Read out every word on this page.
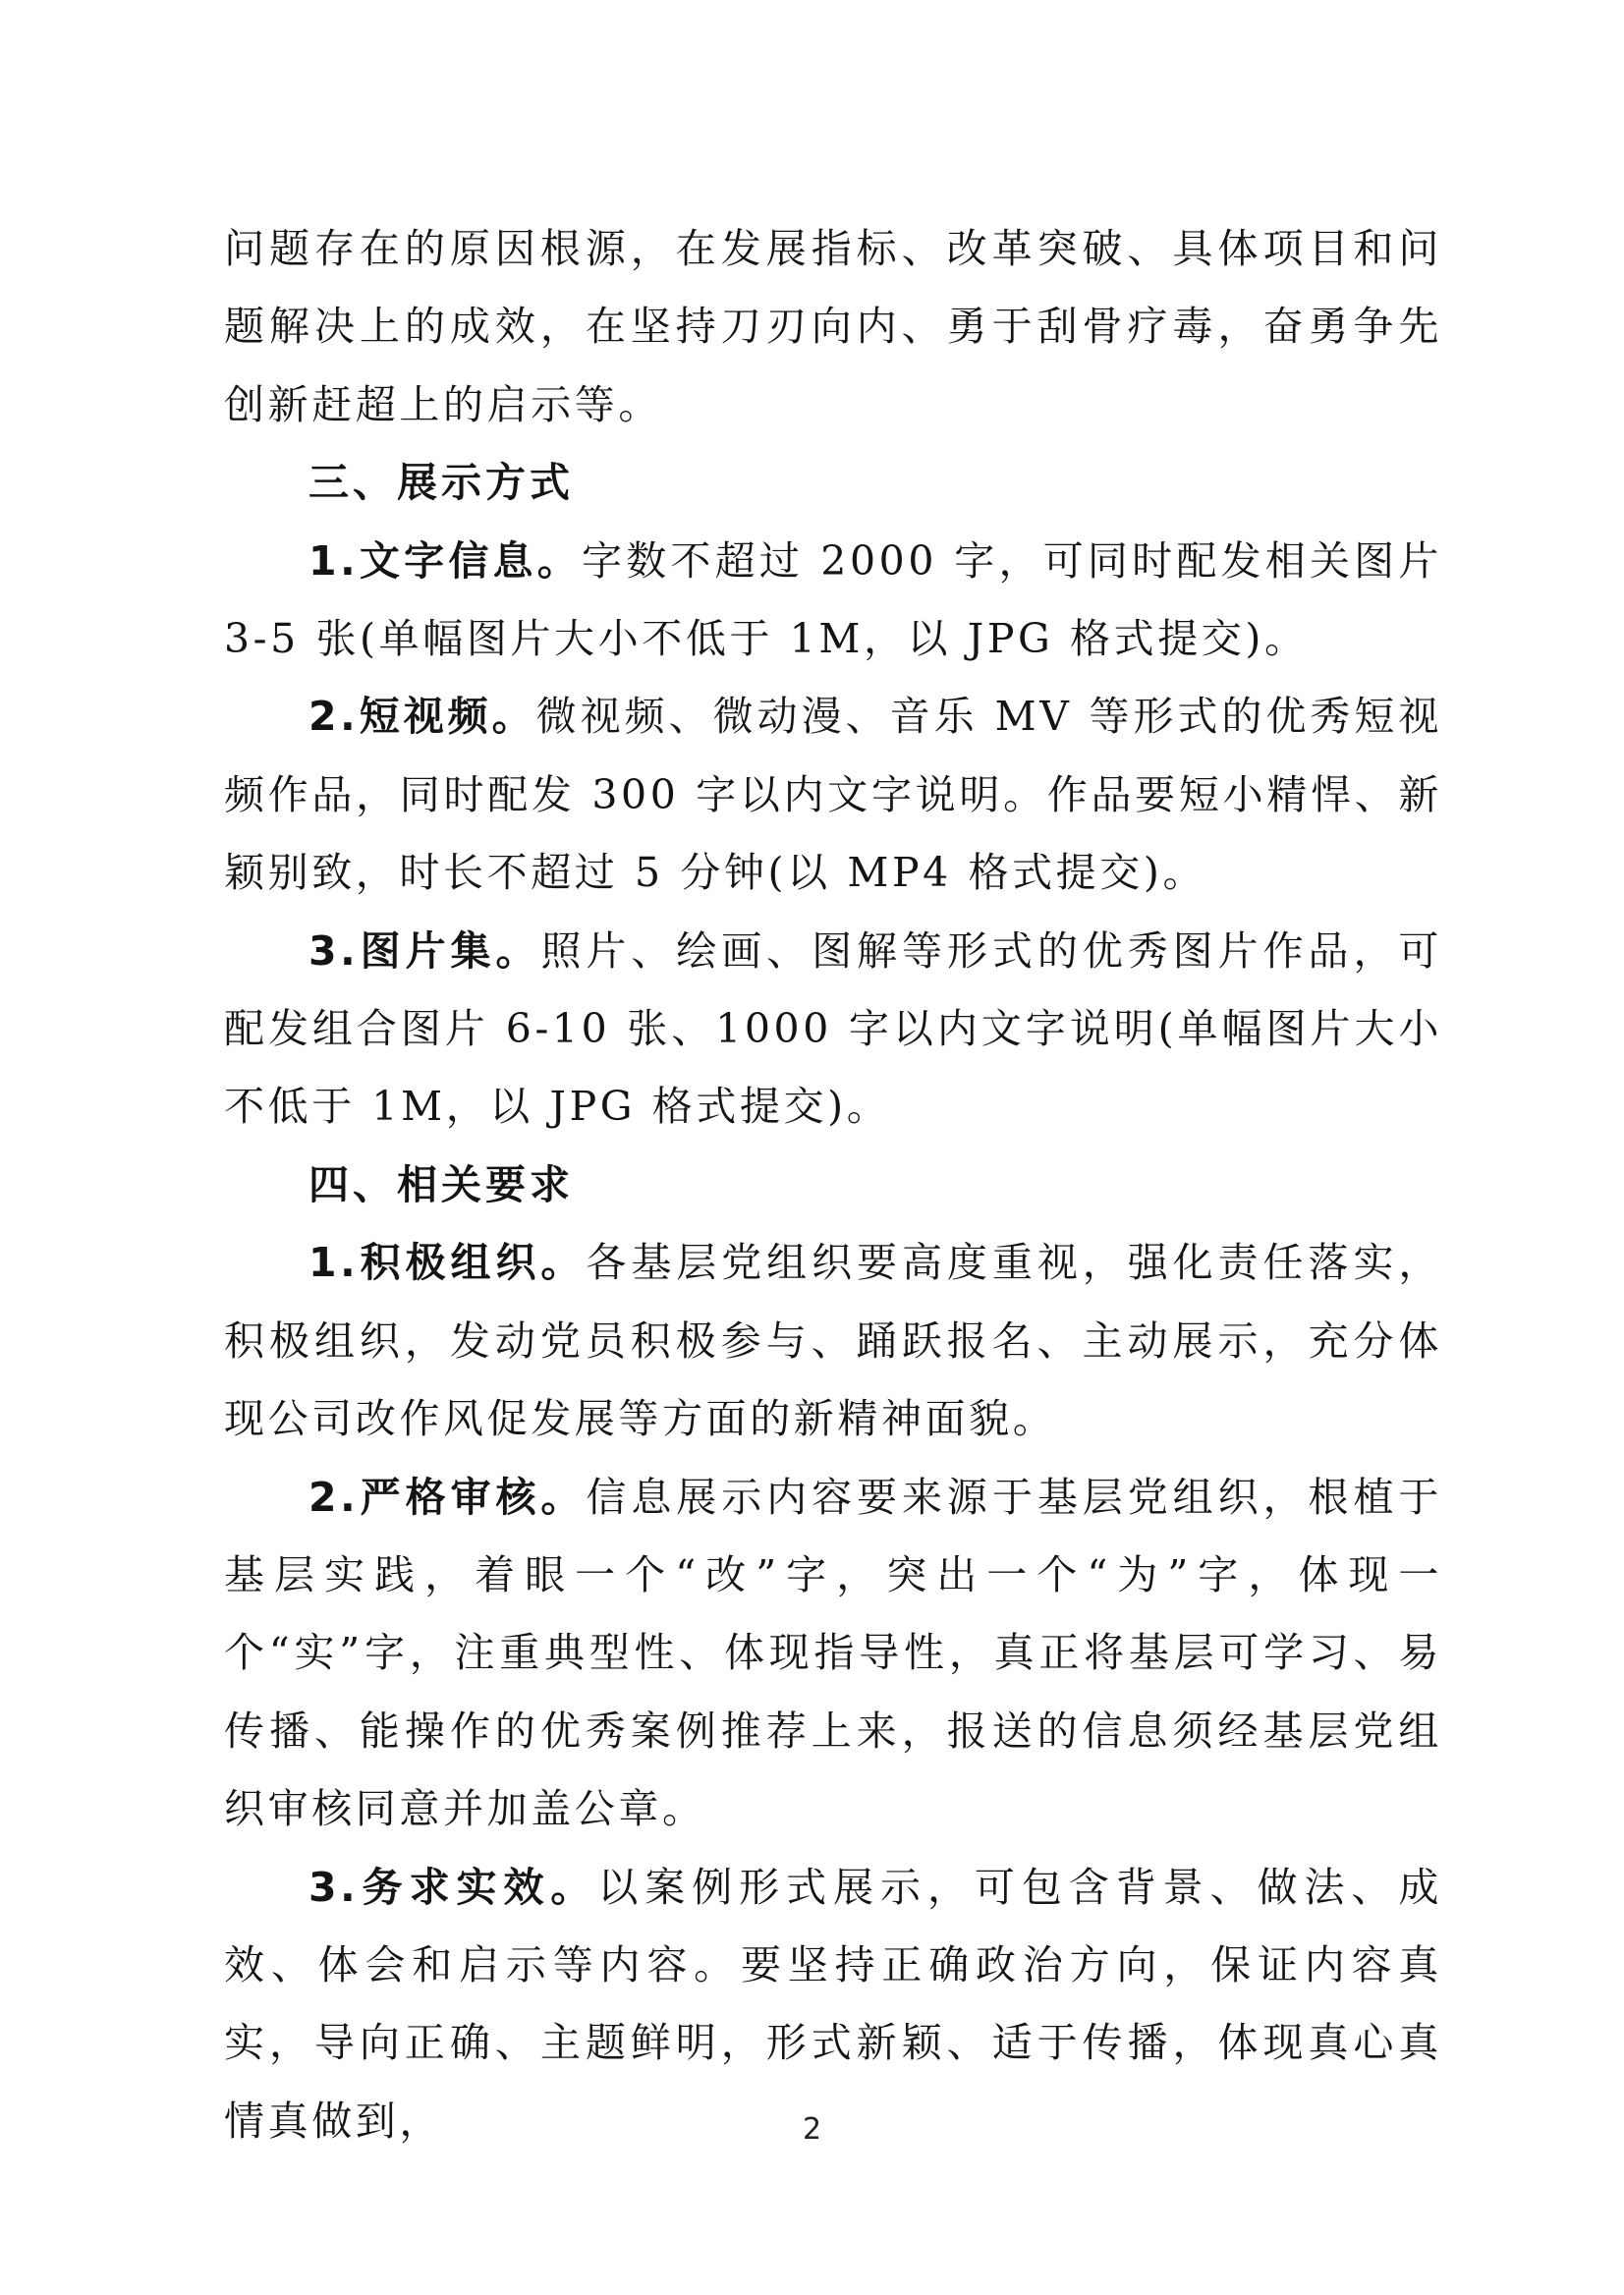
问题存在的原因根源，在发展指标、改革突破、具体项目和问题解决上的成效，在坚持刀刃向内、勇于刮骨疗毒，奋勇争先创新赶超上的启示等。

三、展示方式

1.文字信息。字数不超过 2000 字，可同时配发相关图片 3-5 张(单幅图片大小不低于 1M，以 JPG 格式提交)。

2.短视频。微视频、微动漫、音乐 MV 等形式的优秀短视频作品，同时配发 300 字以内文字说明。作品要短小精悍、新颖别致，时长不超过 5 分钟(以 MP4 格式提交)。

3.图片集。照片、绘画、图解等形式的优秀图片作品，可配发组合图片 6-10 张、1000 字以内文字说明(单幅图片大小不低于 1M，以 JPG 格式提交)。

四、相关要求

1.积极组织。各基层党组织要高度重视，强化责任落实，积极组织，发动党员积极参与、踊跃报名、主动展示，充分体现公司改作风促发展等方面的新精神面貌。

2.严格审核。信息展示内容要来源于基层党组织，根植于基层实践，着眼一个“改”字，突出一个“为”字，体现一个“实”字，注重典型性、体现指导性，真正将基层可学习、易传播、能操作的优秀案例推荐上来，报送的信息须经基层党组织审核同意并加盖公章。

3.务求实效。以案例形式展示，可包含背景、做法、成效、体会和启示等内容。要坚持正确政治方向，保证内容真实，导向正确、主题鲜明，形式新颖、适于传播，体现真心真情真做到，	2
